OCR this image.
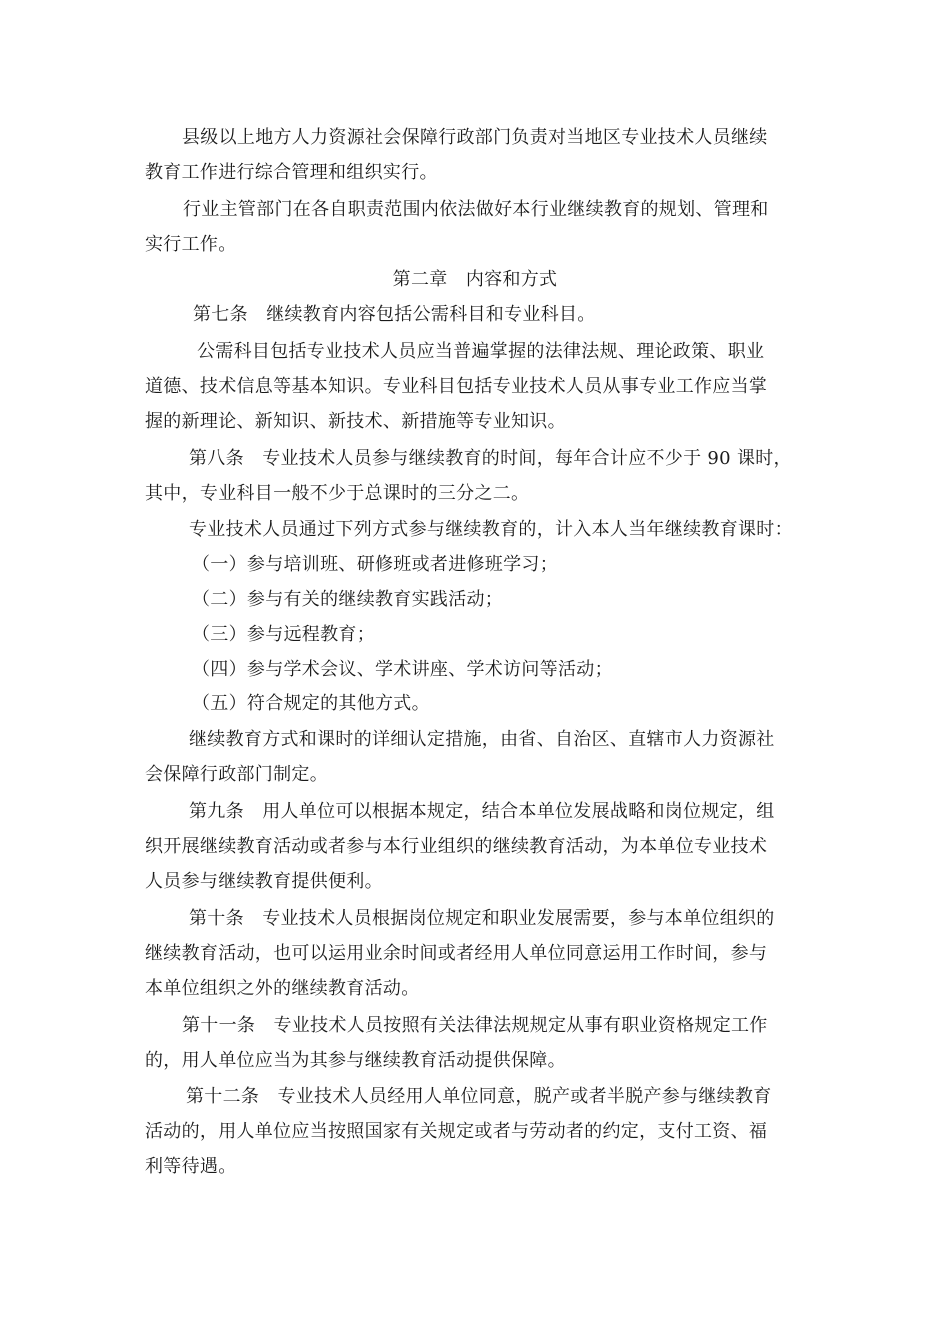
县级以上地方人力资源社会保障行政部门负责对当地区专业技术人员继续
教育工作进行综合管理和组织实行。
行业主管部门在各自职责范围内依法做好本行业继续教育的规划、管理和
实行工作。
第二章　内容和方式
第七条　继续教育内容包括公需科目和专业科目。
公需科目包括专业技术人员应当普遍掌握的法律法规、理论政策、职业
道德、技术信息等基本知识。专业科目包括专业技术人员从事专业工作应当掌
握的新理论、新知识、新技术、新措施等专业知识。
第八条　专业技术人员参与继续教育的时间，每年合计应不少于 90 课时，
其中，专业科目一般不少于总课时的三分之二。
专业技术人员通过下列方式参与继续教育的，计入本人当年继续教育课时：
（一）参与培训班、研修班或者进修班学习；
（二）参与有关的继续教育实践活动；
（三）参与远程教育；
（四）参与学术会议、学术讲座、学术访问等活动；
（五）符合规定的其他方式。
继续教育方式和课时的详细认定措施，由省、自治区、直辖市人力资源社
会保障行政部门制定。
第九条　用人单位可以根据本规定，结合本单位发展战略和岗位规定，组
织开展继续教育活动或者参与本行业组织的继续教育活动，为本单位专业技术
人员参与继续教育提供便利。
第十条　专业技术人员根据岗位规定和职业发展需要，参与本单位组织的
继续教育活动，也可以运用业余时间或者经用人单位同意运用工作时间，参与
本单位组织之外的继续教育活动。
第十一条　专业技术人员按照有关法律法规规定从事有职业资格规定工作
的，用人单位应当为其参与继续教育活动提供保障。
第十二条　专业技术人员经用人单位同意，脱产或者半脱产参与继续教育
活动的，用人单位应当按照国家有关规定或者与劳动者的约定，支付工资、福
利等待遇。
